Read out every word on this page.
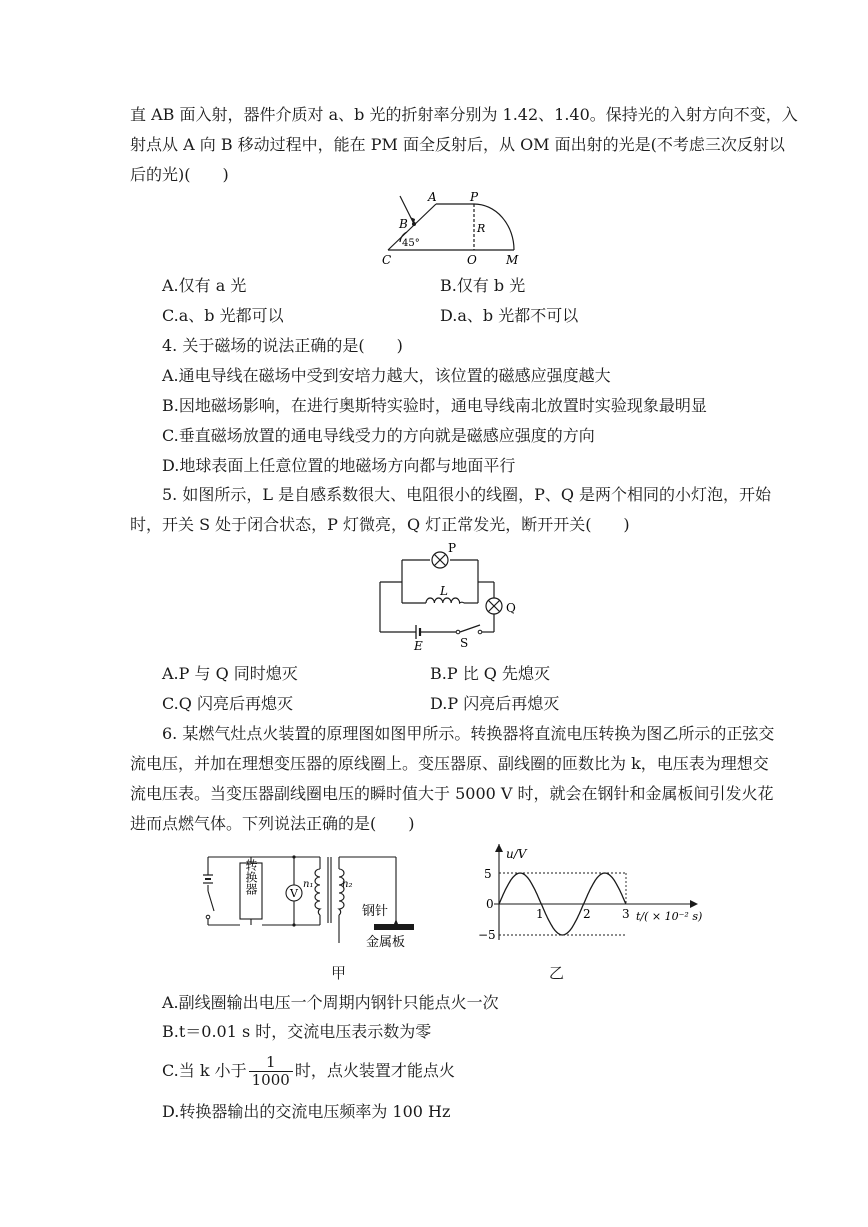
直 AB 面入射，器件介质对 a、b 光的折射率分别为 1.42、1.40。保持光的入射方向不变，入
射点从 A 向 B 移动过程中，能在 PM 面全反射后，从 OM 面出射的光是(不考虑三次反射以
后的光)(　　)
A	P
B	R
45°
C	O M
A.仅有 a 光	B.仅有 b 光
C.a、b 光都可以	D.a、b 光都不可以
4. 关于磁场的说法正确的是(　　)
A.通电导线在磁场中受到安培力越大，该位置的磁感应强度越大
B.因地磁场影响，在进行奥斯特实验时，通电导线南北放置时实验现象最明显
C.垂直磁场放置的通电导线受力的方向就是磁感应强度的方向
D.地球表面上任意位置的地磁场方向都与地面平行
5. 如图所示，L 是自感系数很大、电阻很小的线圈，P、Q 是两个相同的小灯泡，开始
时，开关 S 处于闭合状态，P 灯微亮，Q 灯正常发光，断开开关(　　)
P
L
Q
E	S
A.P 与 Q 同时熄灭	B.P 比 Q 先熄灭
C.Q 闪亮后再熄灭	D.P 闪亮后再熄灭
6. 某燃气灶点火装置的原理图如图甲所示。转换器将直流电压转换为图乙所示的正弦交
流电压，并加在理想变压器的原线圈上。变压器原、副线圈的匝数比为 k，电压表为理想交
流电压表。当变压器副线圈电压的瞬时值大于 5000 V 时，就会在钢针和金属板间引发火花
进而点燃气体。下列说法正确的是(　　)
转换器	V
n₁	n₂
钢针
金属板
甲
u/V
5
0
−5
1	2	3 t/( × 10⁻² s)
乙
A.副线圈输出电压一个周期内钢针只能点火一次
B.t＝0.01 s 时，交流电压表示数为零
C.当 k 小于 $\frac{1}{1000}$ 时，点火装置才能点火
D.转换器输出的交流电压频率为 100 Hz
